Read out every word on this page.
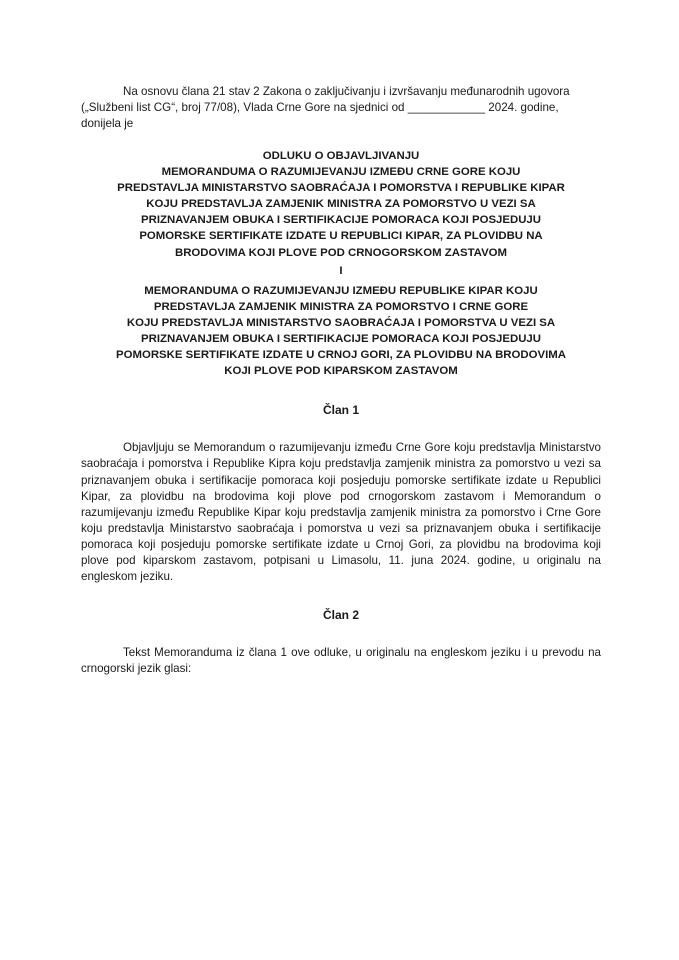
Na osnovu člana 21 stav 2 Zakona o zaključivanju i izvršavanju međunarodnih ugovora („Službeni list CG“, broj 77/08), Vlada Crne Gore na sjednici od ____________ 2024. godine, donijela je

ODLUKU O OBJAVLJIVANJU
MEMORANDUMA O RAZUMIJEVANJU IZMEĐU CRNE GORE KOJU
PREDSTAVLJA MINISTARSTVO SAOBRAĆAJA I POMORSTVA I REPUBLIKE KIPAR
KOJU PREDSTAVLJA ZAMJENIK MINISTRA ZA POMORSTVO U VEZI SA
PRIZNAVANJEM OBUKA I SERTIFIKACIJE POMORACA KOJI POSJEDUJU
POMORSKE SERTIFIKATE IZDATE U REPUBLICI KIPAR, ZA PLOVIDBU NA
BRODOVIMA KOJI PLOVE POD CRNOGORSKOM ZASTAVOM
I
MEMORANDUMA O RAZUMIJEVANJU IZMEĐU REPUBLIKE KIPAR KOJU
PREDSTAVLJA ZAMJENIK MINISTRA ZA POMORSTVO I CRNE GORE
KOJU PREDSTAVLJA MINISTARSTVO SAOBRAĆAJA I POMORSTVA U VEZI SA
PRIZNAVANJEM OBUKA I SERTIFIKACIJE POMORACA KOJI POSJEDUJU
POMORSKE SERTIFIKATE IZDATE U CRNOJ GORI, ZA PLOVIDBU NA BRODOVIMA
KOJI PLOVE POD KIPARSKOM ZASTAVOM
Član 1

Objavljuju se Memorandum o razumijevanju između Crne Gore koju predstavlja Ministarstvo saobraćaja i pomorstva i Republike Kipra koju predstavlja zamjenik ministra za pomorstvo u vezi sa priznavanjem obuka i sertifikacije pomoraca koji posjeduju pomorske sertifikate izdate u Republici Kipar, za plovidbu na brodovima koji plove pod crnogorskom zastavom i Memorandum o razumijevanju između Republike Kipar koju predstavlja zamjenik ministra za pomorstvo i Crne Gore koju predstavlja Ministarstvo saobraćaja i pomorstva u vezi sa priznavanjem obuka i sertifikacije pomoraca koji posjeduju pomorske sertifikate izdate u Crnoj Gori, za plovidbu na brodovima koji plove pod kiparskom zastavom, potpisani u Limasolu, 11. juna 2024. godine, u originalu na engleskom jeziku.

Član 2

Tekst Memoranduma iz člana 1 ove odluke, u originalu na engleskom jeziku i u prevodu na crnogorski jezik glasi:
